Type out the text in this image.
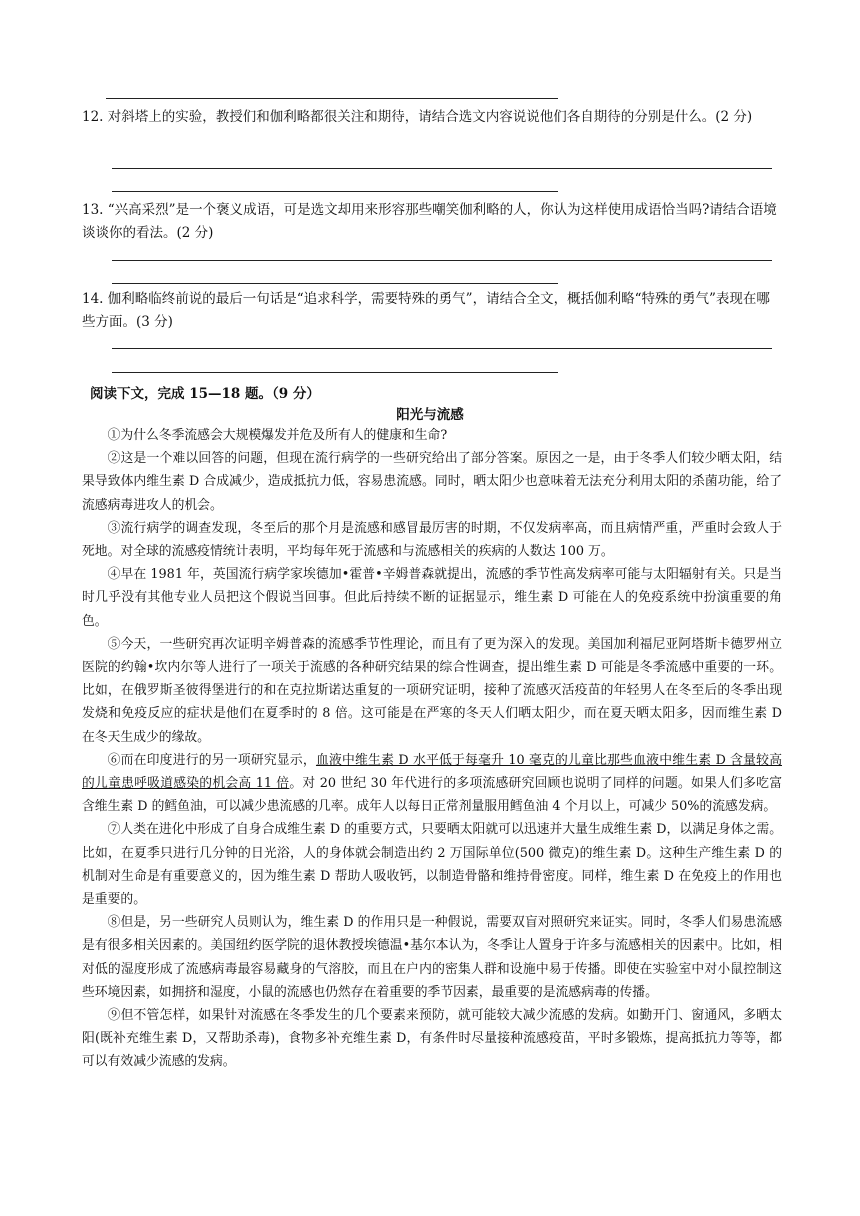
12. 对斜塔上的实验，教授们和伽利略都很关注和期待，请结合选文内容说说他们各自期待的分别是什么。(2 分)
13. “兴高采烈”是一个褒义成语，可是选文却用来形容那些嘲笑伽利略的人，你认为这样使用成语恰当吗?请结合语境谈谈你的看法。(2 分)
14. 伽利略临终前说的最后一句话是“追求科学，需要特殊的勇气”，请结合全文，概括伽利略“特殊的勇气”表现在哪些方面。(3 分)
阅读下文，完成 15—18 题。（9 分）
阳光与流感

①为什么冬季流感会大规模爆发并危及所有人的健康和生命?

②这是一个难以回答的问题，但现在流行病学的一些研究给出了部分答案。原因之一是，由于冬季人们较少晒太阳，结果导致体内维生素 D 合成减少，造成抵抗力低，容易患流感。同时，晒太阳少也意味着无法充分利用太阳的杀菌功能，给了流感病毒进攻人的机会。

③流行病学的调查发现，冬至后的那个月是流感和感冒最厉害的时期，不仅发病率高，而且病情严重，严重时会致人于死地。对全球的流感疫情统计表明，平均每年死于流感和与流感相关的疾病的人数达 100 万。

④早在 1981 年，英国流行病学家埃德加•霍普•辛姆普森就提出，流感的季节性高发病率可能与太阳辐射有关。只是当时几乎没有其他专业人员把这个假说当回事。但此后持续不断的证据显示，维生素 D 可能在人的免疫系统中扮演重要的角色。

⑤今天，一些研究再次证明辛姆普森的流感季节性理论，而且有了更为深入的发现。美国加利福尼亚阿塔斯卡德罗州立医院的约翰•坎内尔等人进行了一项关于流感的各种研究结果的综合性调查，提出维生素 D 可能是冬季流感中重要的一环。比如，在俄罗斯圣彼得堡进行的和在克拉斯诺达重复的一项研究证明，接种了流感灭活疫苗的年轻男人在冬至后的冬季出现发烧和免疫反应的症状是他们在夏季时的 8 倍。这可能是在严寒的冬天人们晒太阳少，而在夏天晒太阳多，因而维生素 D 在冬天生成少的缘故。

⑥而在印度进行的另一项研究显示，血液中维生素 D 水平低于每毫升 10 毫克的儿童比那些血液中维生素 D 含量较高的儿童患呼吸道感染的机会高 11 倍。对 20 世纪 30 年代进行的多项流感研究回顾也说明了同样的问题。如果人们多吃富含维生素 D 的鳕鱼油，可以减少患流感的几率。成年人以每日正常剂量服用鳕鱼油 4 个月以上，可减少 50%的流感发病。

⑦人类在进化中形成了自身合成维生素 D 的重要方式，只要晒太阳就可以迅速并大量生成维生素 D，以满足身体之需。比如，在夏季只进行几分钟的日光浴，人的身体就会制造出约 2 万国际单位(500 微克)的维生素 D。这种生产维生素 D 的机制对生命是有重要意义的，因为维生素 D 帮助人吸收钙，以制造骨骼和维持骨密度。同样，维生素 D 在免疫上的作用也是重要的。

⑧但是，另一些研究人员则认为，维生素 D 的作用只是一种假说，需要双盲对照研究来证实。同时，冬季人们易患流感是有很多相关因素的。美国纽约医学院的退休教授埃德温•基尔本认为，冬季让人置身于许多与流感相关的因素中。比如，相对低的湿度形成了流感病毒最容易藏身的气溶胶，而且在户内的密集人群和设施中易于传播。即使在实验室中对小鼠控制这些环境因素，如拥挤和湿度，小鼠的流感也仍然存在着重要的季节因素，最重要的是流感病毒的传播。

⑨但不管怎样，如果针对流感在冬季发生的几个要素来预防，就可能较大减少流感的发病。如勤开门、窗通风，多晒太阳(既补充维生素 D，又帮助杀毒)，食物多补充维生素 D，有条件时尽量接种流感疫苗，平时多锻炼，提高抵抗力等等，都可以有效减少流感的发病。
